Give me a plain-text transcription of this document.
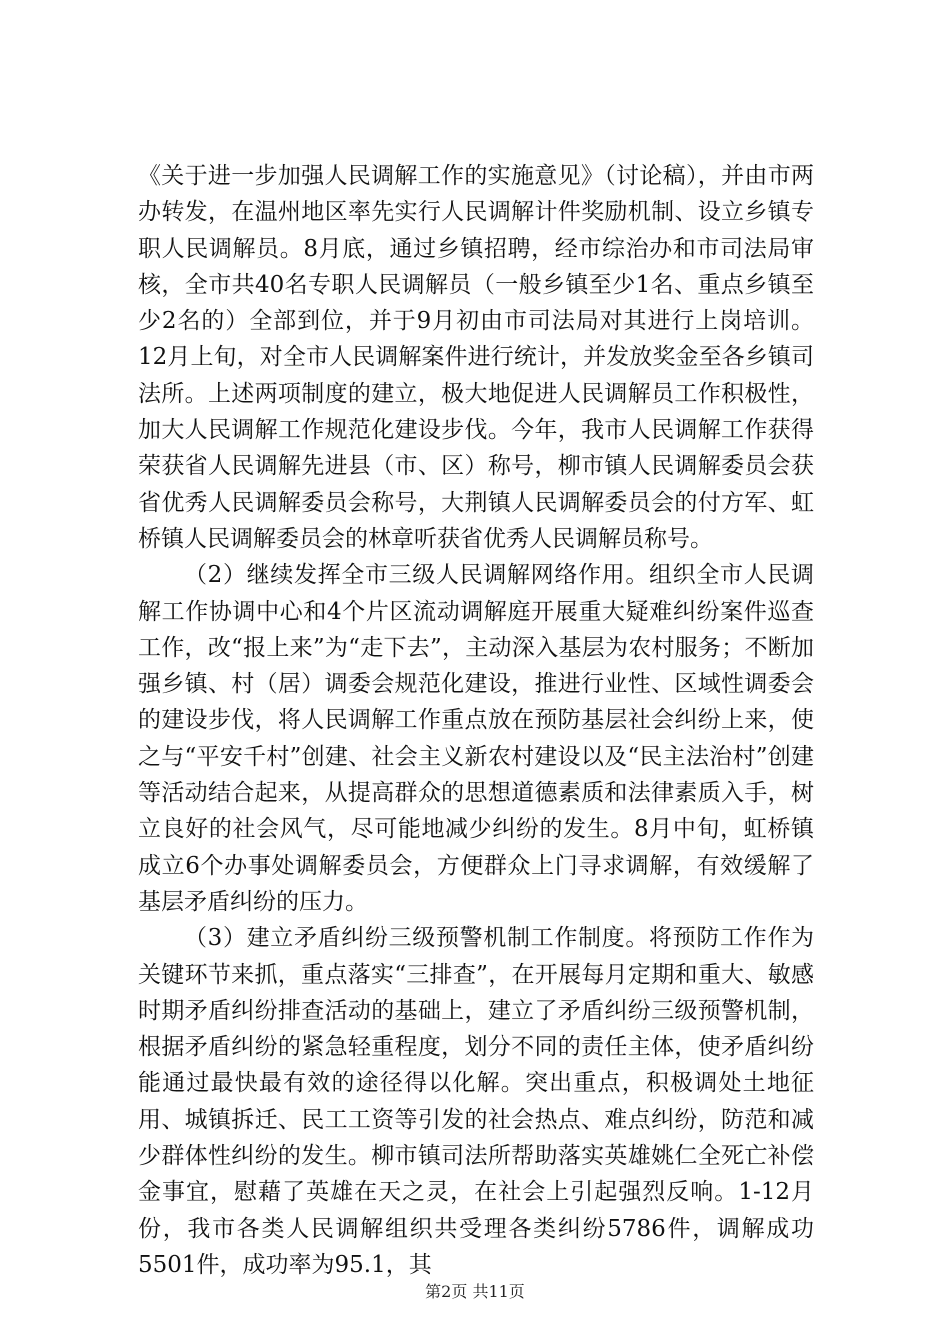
《关于进一步加强人民调解工作的实施意见》（讨论稿），并由市两办转发，在温州地区率先实行人民调解计件奖励机制、设立乡镇专职人民调解员。8月底，通过乡镇招聘，经市综治办和市司法局审核，全市共40名专职人民调解员（一般乡镇至少1名、重点乡镇至少2名的）全部到位，并于9月初由市司法局对其进行上岗培训。12月上旬，对全市人民调解案件进行统计，并发放奖金至各乡镇司法所。上述两项制度的建立，极大地促进人民调解员工作积极性，加大人民调解工作规范化建设步伐。今年，我市人民调解工作获得荣获省人民调解先进县（市、区）称号，柳市镇人民调解委员会获省优秀人民调解委员会称号，大荆镇人民调解委员会的付方军、虹桥镇人民调解委员会的林章听获省优秀人民调解员称号。

（2）继续发挥全市三级人民调解网络作用。组织全市人民调解工作协调中心和4个片区流动调解庭开展重大疑难纠纷案件巡查工作，改“报上来”为“走下去”，主动深入基层为农村服务；不断加强乡镇、村（居）调委会规范化建设，推进行业性、区域性调委会的建设步伐，将人民调解工作重点放在预防基层社会纠纷上来，使之与“平安千村”创建、社会主义新农村建设以及“民主法治村”创建等活动结合起来，从提高群众的思想道德素质和法律素质入手，树立良好的社会风气，尽可能地减少纠纷的发生。8月中旬，虹桥镇成立6个办事处调解委员会，方便群众上门寻求调解，有效缓解了基层矛盾纠纷的压力。

（3）建立矛盾纠纷三级预警机制工作制度。将预防工作作为关键环节来抓，重点落实“三排查”，在开展每月定期和重大、敏感时期矛盾纠纷排查活动的基础上，建立了矛盾纠纷三级预警机制，根据矛盾纠纷的紧急轻重程度，划分不同的责任主体，使矛盾纠纷能通过最快最有效的途径得以化解。突出重点，积极调处土地征用、城镇拆迁、民工工资等引发的社会热点、难点纠纷，防范和减少群体性纠纷的发生。柳市镇司法所帮助落实英雄姚仁全死亡补偿金事宜，慰藉了英雄在天之灵，在社会上引起强烈反响。1-12月份，我市各类人民调解组织共受理各类纠纷5786件，调解成功5501件，成功率为95.1，其

第2页 共11页
